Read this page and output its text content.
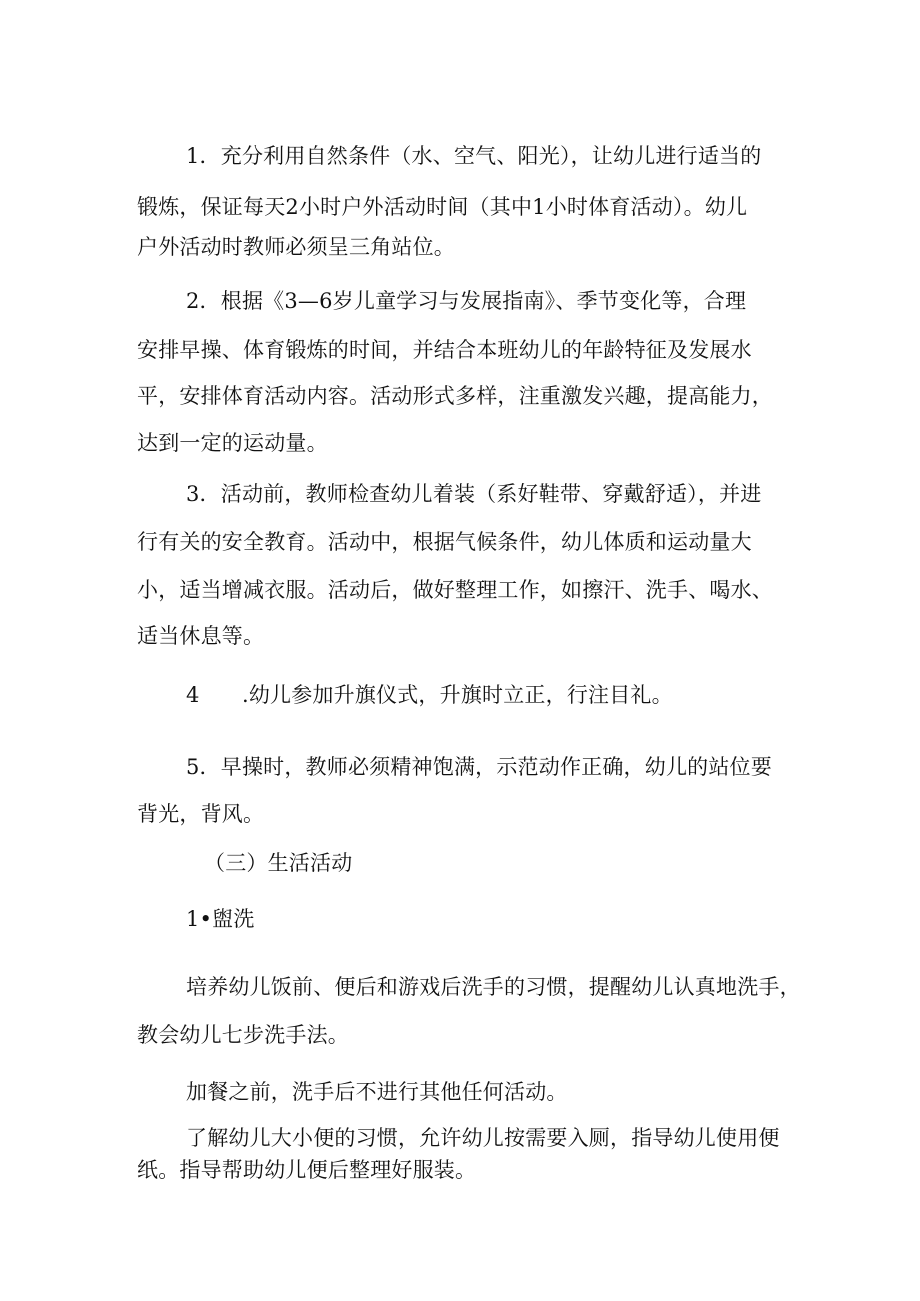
1．充分利用自然条件（水、空气、阳光），让幼儿进行适当的
锻炼，保证每天2小时户外活动时间（其中1小时体育活动）。幼儿
户外活动时教师必须呈三角站位。
2．根据《3—6岁儿童学习与发展指南》、季节变化等，合理
安排早操、体育锻炼的时间，并结合本班幼儿的年龄特征及发展水
平，安排体育活动内容。活动形式多样，注重激发兴趣，提高能力，
达到一定的运动量。
3．活动前，教师检查幼儿着装（系好鞋带、穿戴舒适），并进
行有关的安全教育。活动中，根据气候条件，幼儿体质和运动量大
小，适当增减衣服。活动后，做好整理工作，如擦汗、洗手、喝水、
适当休息等。
4　　.幼儿参加升旗仪式，升旗时立正，行注目礼。
5．早操时，教师必须精神饱满，示范动作正确，幼儿的站位要
背光，背风。
（三）生活活动
1•盥洗
培养幼儿饭前、便后和游戏后洗手的习惯，提醒幼儿认真地洗手，
教会幼儿七步洗手法。
加餐之前，洗手后不进行其他任何活动。
了解幼儿大小便的习惯，允许幼儿按需要入厕，指导幼儿使用便
纸。指导帮助幼儿便后整理好服装。
